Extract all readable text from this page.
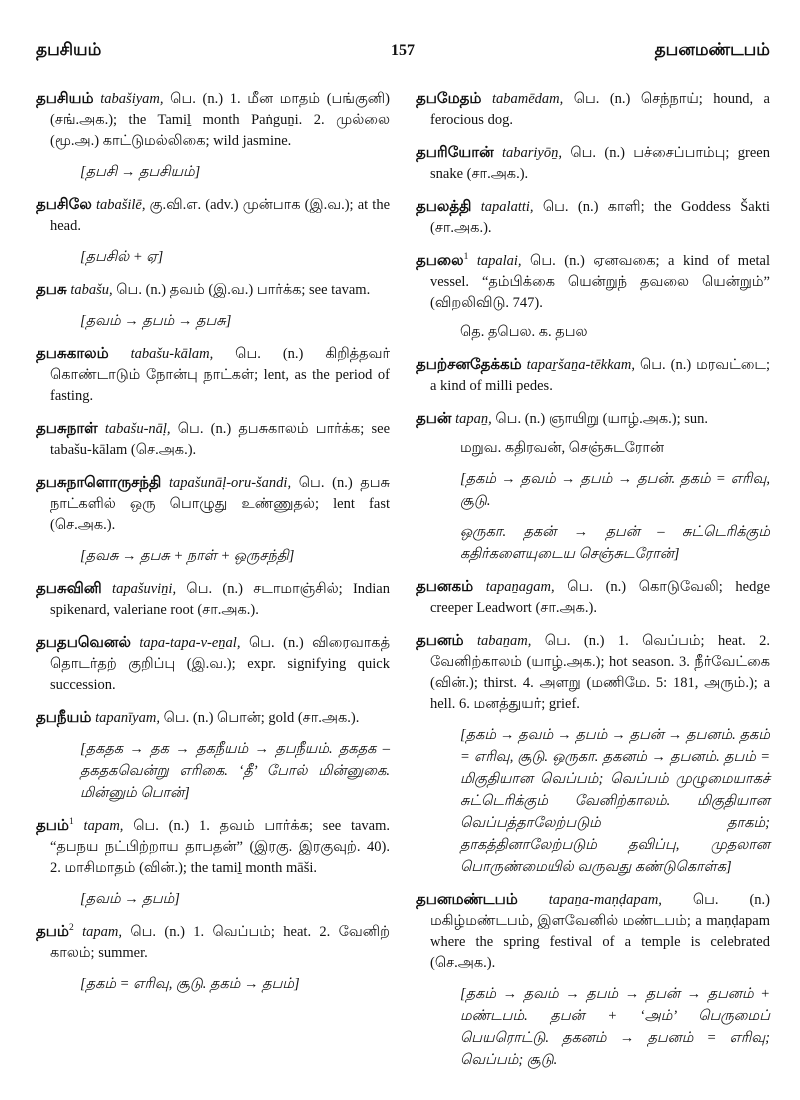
தபசியம்	157	தபனமண்டபம்

தபசியம் tabašiyam, பெ. (n.) 1. மீன மாதம் (பங்குனி) (சங்.அக.); the Tamil̠ month Paṅgun̠i. 2. முல்லை (மூ.அ.) காட்டுமல்லிகை; wild jasmine.

[தபசி → தபசியம்]

தபசிலே tabašilē, கு.வி.எ. (adv.) முன்பாக (இ.வ.); at the head.

[தபசில் + ஏ]

தபசு tabašu, பெ. (n.) தவம் (இ.வ.) பார்க்க; see tavam.

[தவம் → தபம் → தபசு]

தபசுகாலம் tabašu-kālam, பெ. (n.) கிறித்தவர் கொண்டாடும் நோன்பு நாட்கள்; lent, as the period of fasting.

தபசுநாள் tabašu-nāḷ, பெ. (n.) தபசுகாலம் பார்க்க; see tabašu-kālam (செ.அக.).

தபசுநாளொருசந்தி tapašunāḷ-oru-šandi, பெ. (n.) தபசு நாட்களில் ஒரு பொழுது உண்ணுதல்; lent fast (செ.அக.).

[தவசு → தபசு + நாள் + ஒருசந்தி]

தபசுவினி tapašuvin̠i, பெ. (n.) சடாமாஞ்சில்; Indian spikenard, valeriane root (சா.அக.).

தபதபவெனல் tapa-tapa-v-en̠al, பெ. (n.) விரைவாகத் தொடர்தற் குறிப்பு (இ.வ.); expr. signifying quick succession.

தபநீயம் tapanīyam, பெ. (n.) பொன்; gold (சா.அக.).

[தகதக → தக → தகநீயம் → தபநீயம். தகதக – தகதகவென்று எரிகை. ‘தீ’ போல் மின்னுகை. மின்னும் பொன்]

தபம்$^1$ tapam, பெ. (n.) 1. தவம் பார்க்க; see tavam. “தபநய நட்பிற்றாய தாபதன்” (இரகு. இரகுவுற். 40). 2. மாசிமாதம் (வின்.); the tamil̠ month māši.

[தவம் → தபம்]

தபம்$^2$ tapam, பெ. (n.) 1. வெப்பம்; heat. 2. வேனிற் காலம்; summer.

[தகம் = எரிவு, சூடு. தகம் → தபம்]

தபமேதம் tabamēdam, பெ. (n.) செந்நாய்; hound, a ferocious dog.

தபரியோன் tabariyōn̠, பெ. (n.) பச்சைப்பாம்பு; green snake (சா.அக.).

தபலத்தி tapalatti, பெ. (n.) காளி; the Goddess Šakti (சா.அக.).

தபலை$^1$ tapalai, பெ. (n.) ஏனவகை; a kind of metal vessel. “தம்பிக்கை யென்றுந் தவலை யென்றும்” (விறலிவிடு. 747).

தெ. தபெல. க. தபல

தபற்சனதேக்கம் tapar̠šan̠a-tēkkam, பெ. (n.) மரவட்டை; a kind of milli pedes.

தபன் tapan̠, பெ. (n.) ஞாயிறு (யாழ்.அக.); sun.

மறுவ. கதிரவன், செஞ்சுடரோன்

[தகம் → தவம் → தபம் → தபன். தகம் = எரிவு, சூடு.

ஒருகா. தகன் → தபன் – சுட்டெரிக்கும் கதிர்களையுடைய செஞ்சுடரோன்]

தபனகம் tapan̠agam, பெ. (n.) கொடுவேலி; hedge creeper Leadwort (சா.அக.).

தபனம் taban̠am, பெ. (n.) 1. வெப்பம்; heat. 2. வேனிற்காலம் (யாழ்.அக.); hot season. 3. நீர்வேட்கை (வின்.); thirst. 4. அளறு (மணிமே. 5: 181, அரும்.); a hell. 6. மனத்துயர்; grief.

[தகம் → தவம் → தபம் → தபன் → தபனம். தகம் = எரிவு, சூடு. ஒருகா. தகனம் → தபனம். தபம் = மிகுதியான வெப்பம்; வெப்பம் முழுமையாகச் சுட்டெரிக்கும் வேனிற்காலம். மிகுதியான வெப்பத்தாலேற்படும் தாகம்; தாகத்தினாலேற்படும் தவிப்பு, முதலான பொருண்மையில் வருவது கண்டுகொள்க]

தபனமண்டபம் tapan̠a-maṇḍapam, பெ. (n.) மகிழ்மண்டபம், இளவேனில் மண்டபம்; a maṇḍapam where the spring festival of a temple is celebrated (செ.அக.).

[தகம் → தவம் → தபம் → தபன் → தபனம் + மண்டபம். தபன் + ‘அம்’ பெருமைப் பெயரொட்டு. தகனம் → தபனம் = எரிவு; வெப்பம்; சூடு.
